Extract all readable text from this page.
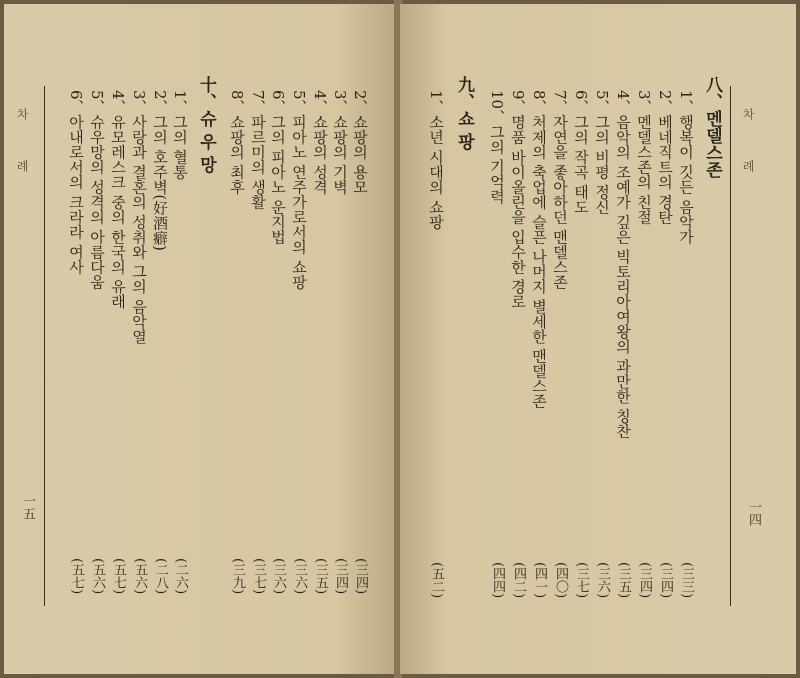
차 례
一五
十、슈 우 망	2、쇼팡의 용모
(三四)
3、쇼팡의 기벽
(三四)
4、쇼팡의 성격
(三五)
5、피아노 연주가로서의 쇼팡
(三六)
6、그의 피아노 운지법
(三六)
7、파르미의 생활
(三七)
8、쇼팡의 최후
(三九)
1、그의 혈통
(二六)
2、그의 호주벽(好酒癖)
(二八)
3、사랑과 결혼의 성취와 그의 음악열
(五六)
4、유모레스크 중의 한국의 유래
(五七)
5、슈우망의 성격의 아름다움
(五六)
6、아내로서의 크라라 여사
(五七)
차 례
一四
八、멘델스존
1、행복이 깃든 음악가
(三三)
2、베네직트의 경탄
(三四)
3、멘델스존의 친절
(三四)
4、음악의 조예가 깊은 빅토리아여왕의 과만한 칭찬
(三五)
5、그의 비평 정신
(三六)
6、그의 작곡 태도
(三七)
7、자연을 좋아하던 맨델스존
(四〇)
8、처제의 축업에 슬픈 나머지 별세한 맨델스존
(四一)
9、명품 바이올린을 입수한 경로
(四二)
10、그의 기억력
(四四)
九、쇼 팡
1、소년 시대의 쇼팡
(五二)
